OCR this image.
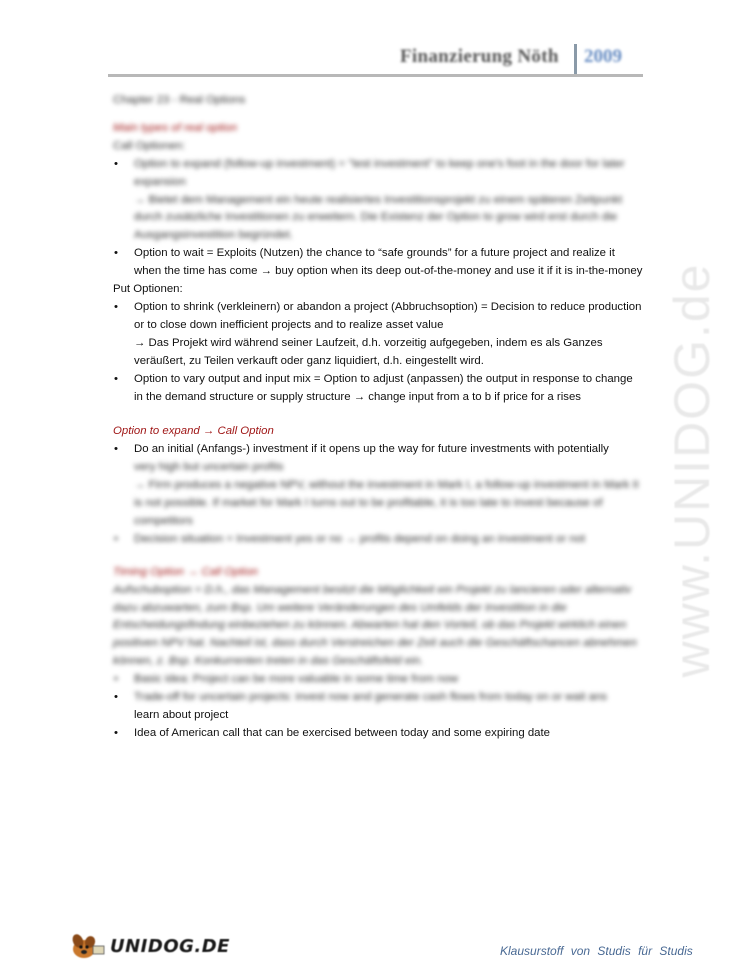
Finanzierung Nöth 2009
www.UNIDOG.de

Chapter 23 - Real Options

Main types of real option

Call Optionen:

• Option to expand (follow-up investment) = "test investment" to keep one's foot in the door for later expansion
→ Bietet dem Management ein heute realisiertes Investitionsprojekt zu einem späteren Zeitpunkt durch zusätzliche Investitionen zu erweitern. Die Existenz der Option to grow wird erst durch die Ausgangsinvestition begründet.
• Option to wait = Exploits (Nutzen) the chance to “safe grounds” for a future project and realize it when the time has come → buy option when its deep out-of-the-money and use it if it is in-the-money

Put Optionen:

• Option to shrink (verkleinern) or abandon a project (Abbruchsoption) = Decision to reduce production or to close down inefficient projects and to realize asset value
→ Das Projekt wird während seiner Laufzeit, d.h. vorzeitig aufgegeben, indem es als Ganzes veräußert, zu Teilen verkauft oder ganz liquidiert, d.h. eingestellt wird.
• Option to vary output and input mix = Option to adjust (anpassen) the output in response to change in the demand structure or supply structure → change input from a to b if price for a rises

Option to expand → Call Option

• Do an initial (Anfangs-) investment if it opens up the way for future investments with potentially
very high but uncertain profits
→ Firm produces a negative NPV, without the investment in Mark I, a follow-up investment in Mark II is not possible. If market for Mark I turns out to be profitable, it is too late to invest because of competitors
• Decision situation = Investment yes or no → profits depend on doing an investment or not

Timing Option → Call Option

Aufschuboption = D.h., das Management besitzt die Möglichkeit ein Projekt zu lancieren oder alternativ dazu abzuwarten, zum Bsp. Um weitere Veränderungen des Umfelds der Investition in die Entscheidungsfindung einbeziehen zu können. Abwarten hat den Vorteil, ob das Projekt wirklich einen positiven NPV hat. Nachteil ist, dass durch Verstreichen der Zeit auch die Geschäftschancen abnehmen können, z. Bsp. Konkurrenten treten in das Geschäftsfeld ein.

• Basic idea: Project can be more valuable in some time from now
• Trade-off for uncertain projects: invest now and generate cash flows from today on or wait ans
learn about project
• Idea of American call that can be exercised between today and some expiring date
UNIDOG.DE	Klausurstoff von Studis für Studis
